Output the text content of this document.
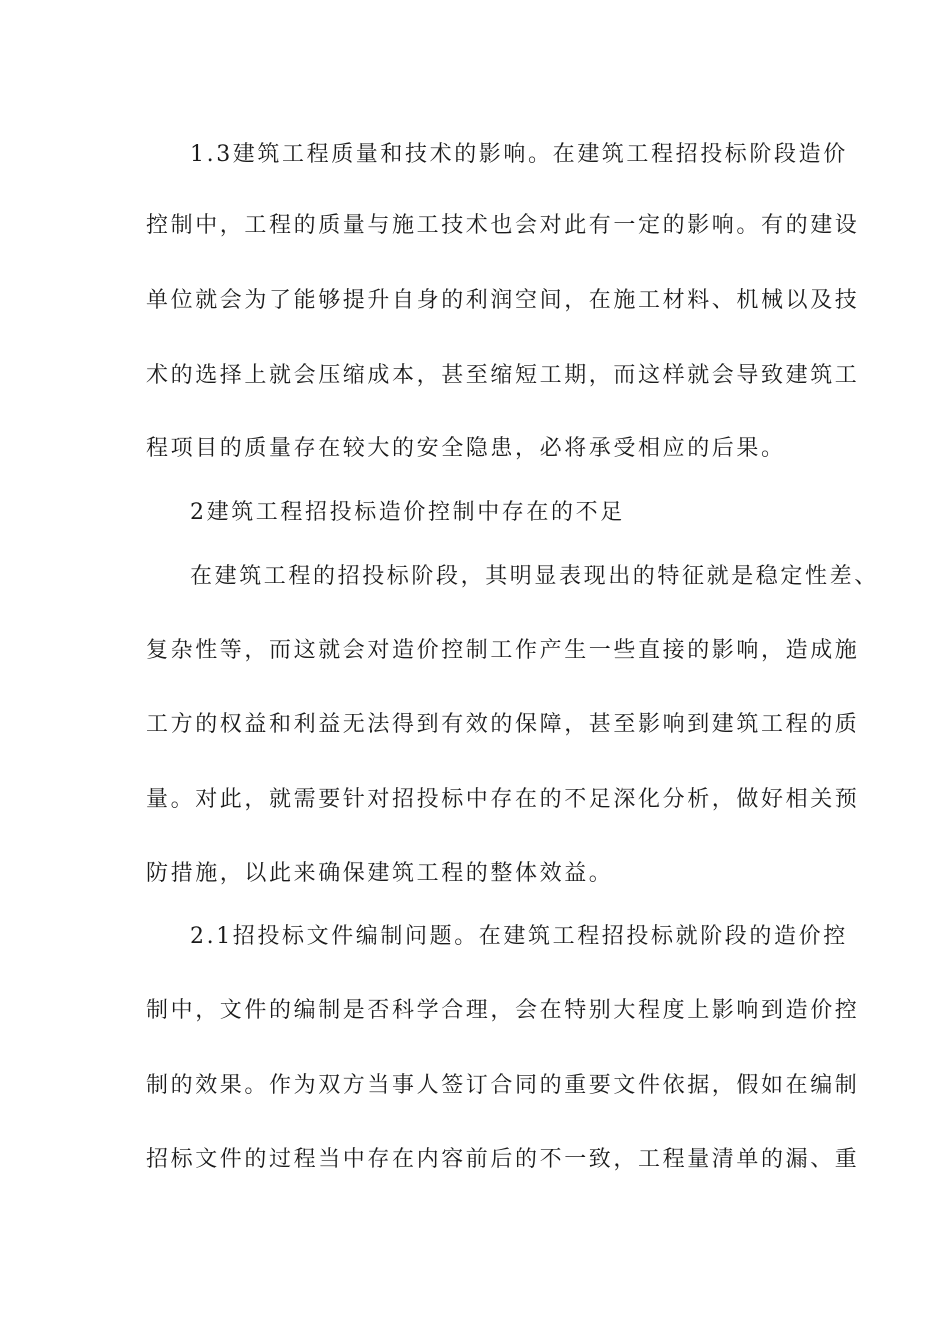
1.3建筑工程质量和技术的影响。在建筑工程招投标阶段造价
控制中，工程的质量与施工技术也会对此有一定的影响。有的建设
单位就会为了能够提升自身的利润空间，在施工材料、机械以及技
术的选择上就会压缩成本，甚至缩短工期，而这样就会导致建筑工
程项目的质量存在较大的安全隐患，必将承受相应的后果。
2建筑工程招投标造价控制中存在的不足
在建筑工程的招投标阶段，其明显表现出的特征就是稳定性差、
复杂性等，而这就会对造价控制工作产生一些直接的影响，造成施
工方的权益和利益无法得到有效的保障，甚至影响到建筑工程的质
量。对此，就需要针对招投标中存在的不足深化分析，做好相关预
防措施，以此来确保建筑工程的整体效益。
2.1招投标文件编制问题。在建筑工程招投标就阶段的造价控
制中，文件的编制是否科学合理，会在特别大程度上影响到造价控
制的效果。作为双方当事人签订合同的重要文件依据，假如在编制
招标文件的过程当中存在内容前后的不一致，工程量清单的漏、重
